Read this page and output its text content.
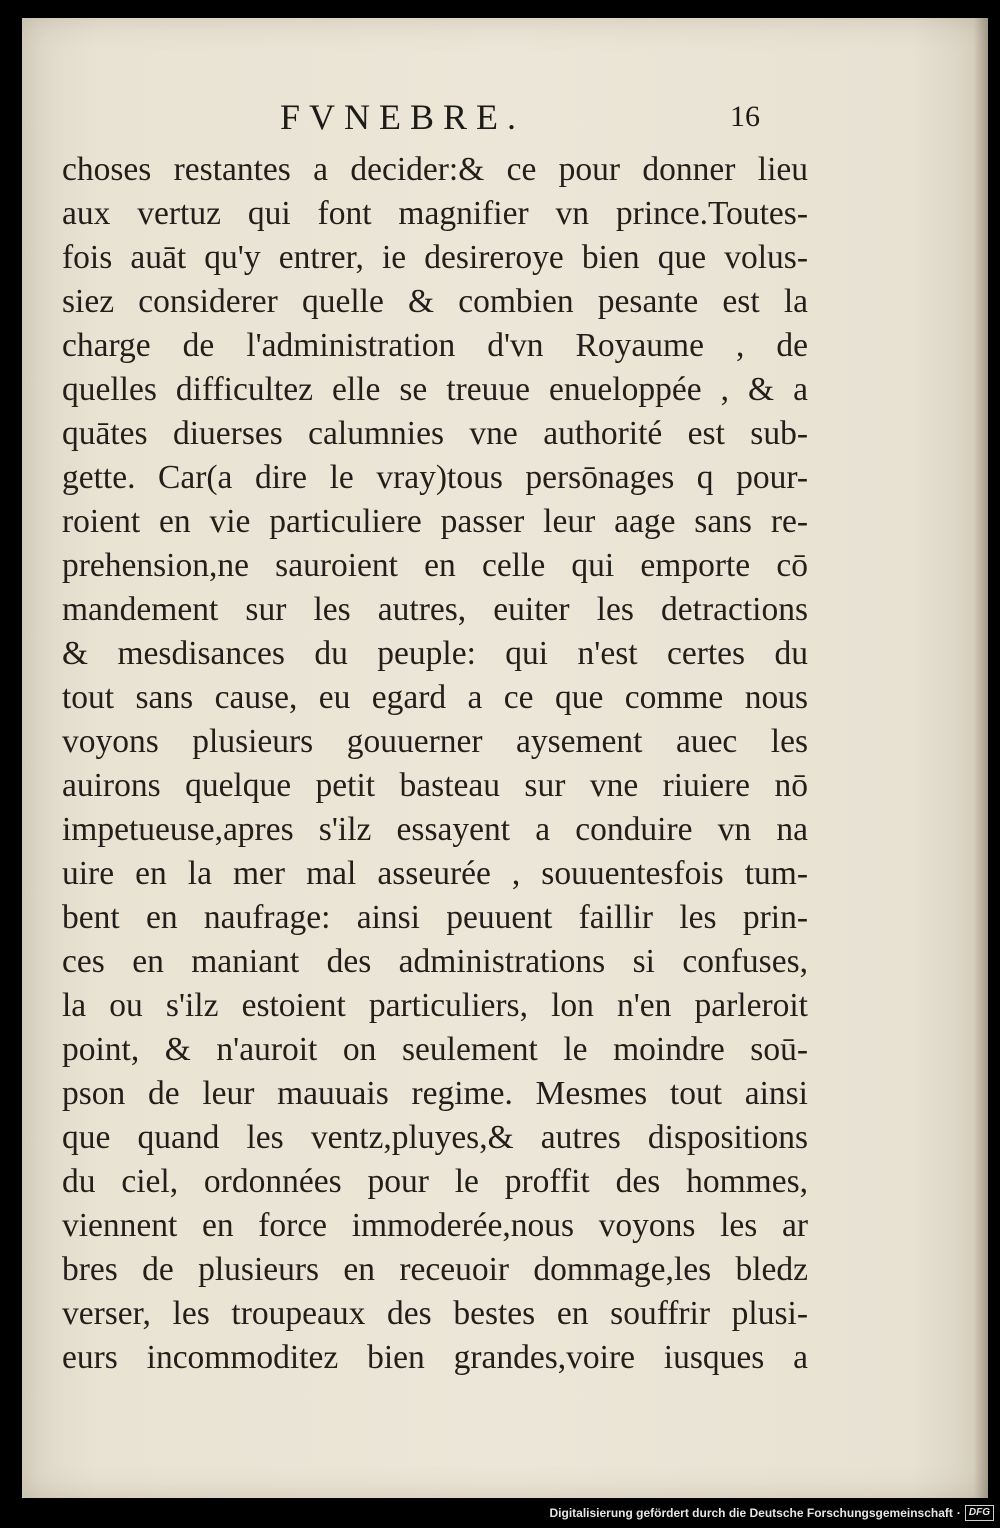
FVNEBRE.	16
choses restantes a decider:& ce pour donner lieu
aux vertuz qui font magnifier vn prince.Toutes-
fois auāt qu'y entrer, ie desireroye bien que volus-
siez considerer quelle & combien pesante est la
charge de l'administration d'vn Royaume , de
quelles difficultez elle se treuue enueloppée , & a
quātes diuerses calumnies vne authorité est sub-
gette. Car(a dire le vray)tous persōnages q pour-
roient en vie particuliere passer leur aage sans re-
prehension,ne sauroient en celle qui emporte cō
mandement sur les autres, euiter les detractions
& mesdisances du peuple: qui n'est certes du
tout sans cause, eu egard a ce que comme nous
voyons plusieurs gouuerner aysement auec les
auirons quelque petit basteau sur vne riuiere nō
impetueuse,apres s'ilz essayent a conduire vn na
uire en la mer mal asseurée , souuentesfois tum-
bent en naufrage: ainsi peuuent faillir les prin-
ces en maniant des administrations si confuses,
la ou s'ilz estoient particuliers, lon n'en parleroit
point, & n'auroit on seulement le moindre soū-
pson de leur mauuais regime. Mesmes tout ainsi
que quand les ventz,pluyes,& autres dispositions
du ciel, ordonnées pour le proffit des hommes,
viennent en force immoderée,nous voyons les ar
bres de plusieurs en receuoir dommage,les bledz
verser, les troupeaux des bestes en souffrir plusi-
eurs incommoditez bien grandes,voire iusques a
Digitalisierung gefördert durch die Deutsche Forschungsgemeinschaft · DFG
